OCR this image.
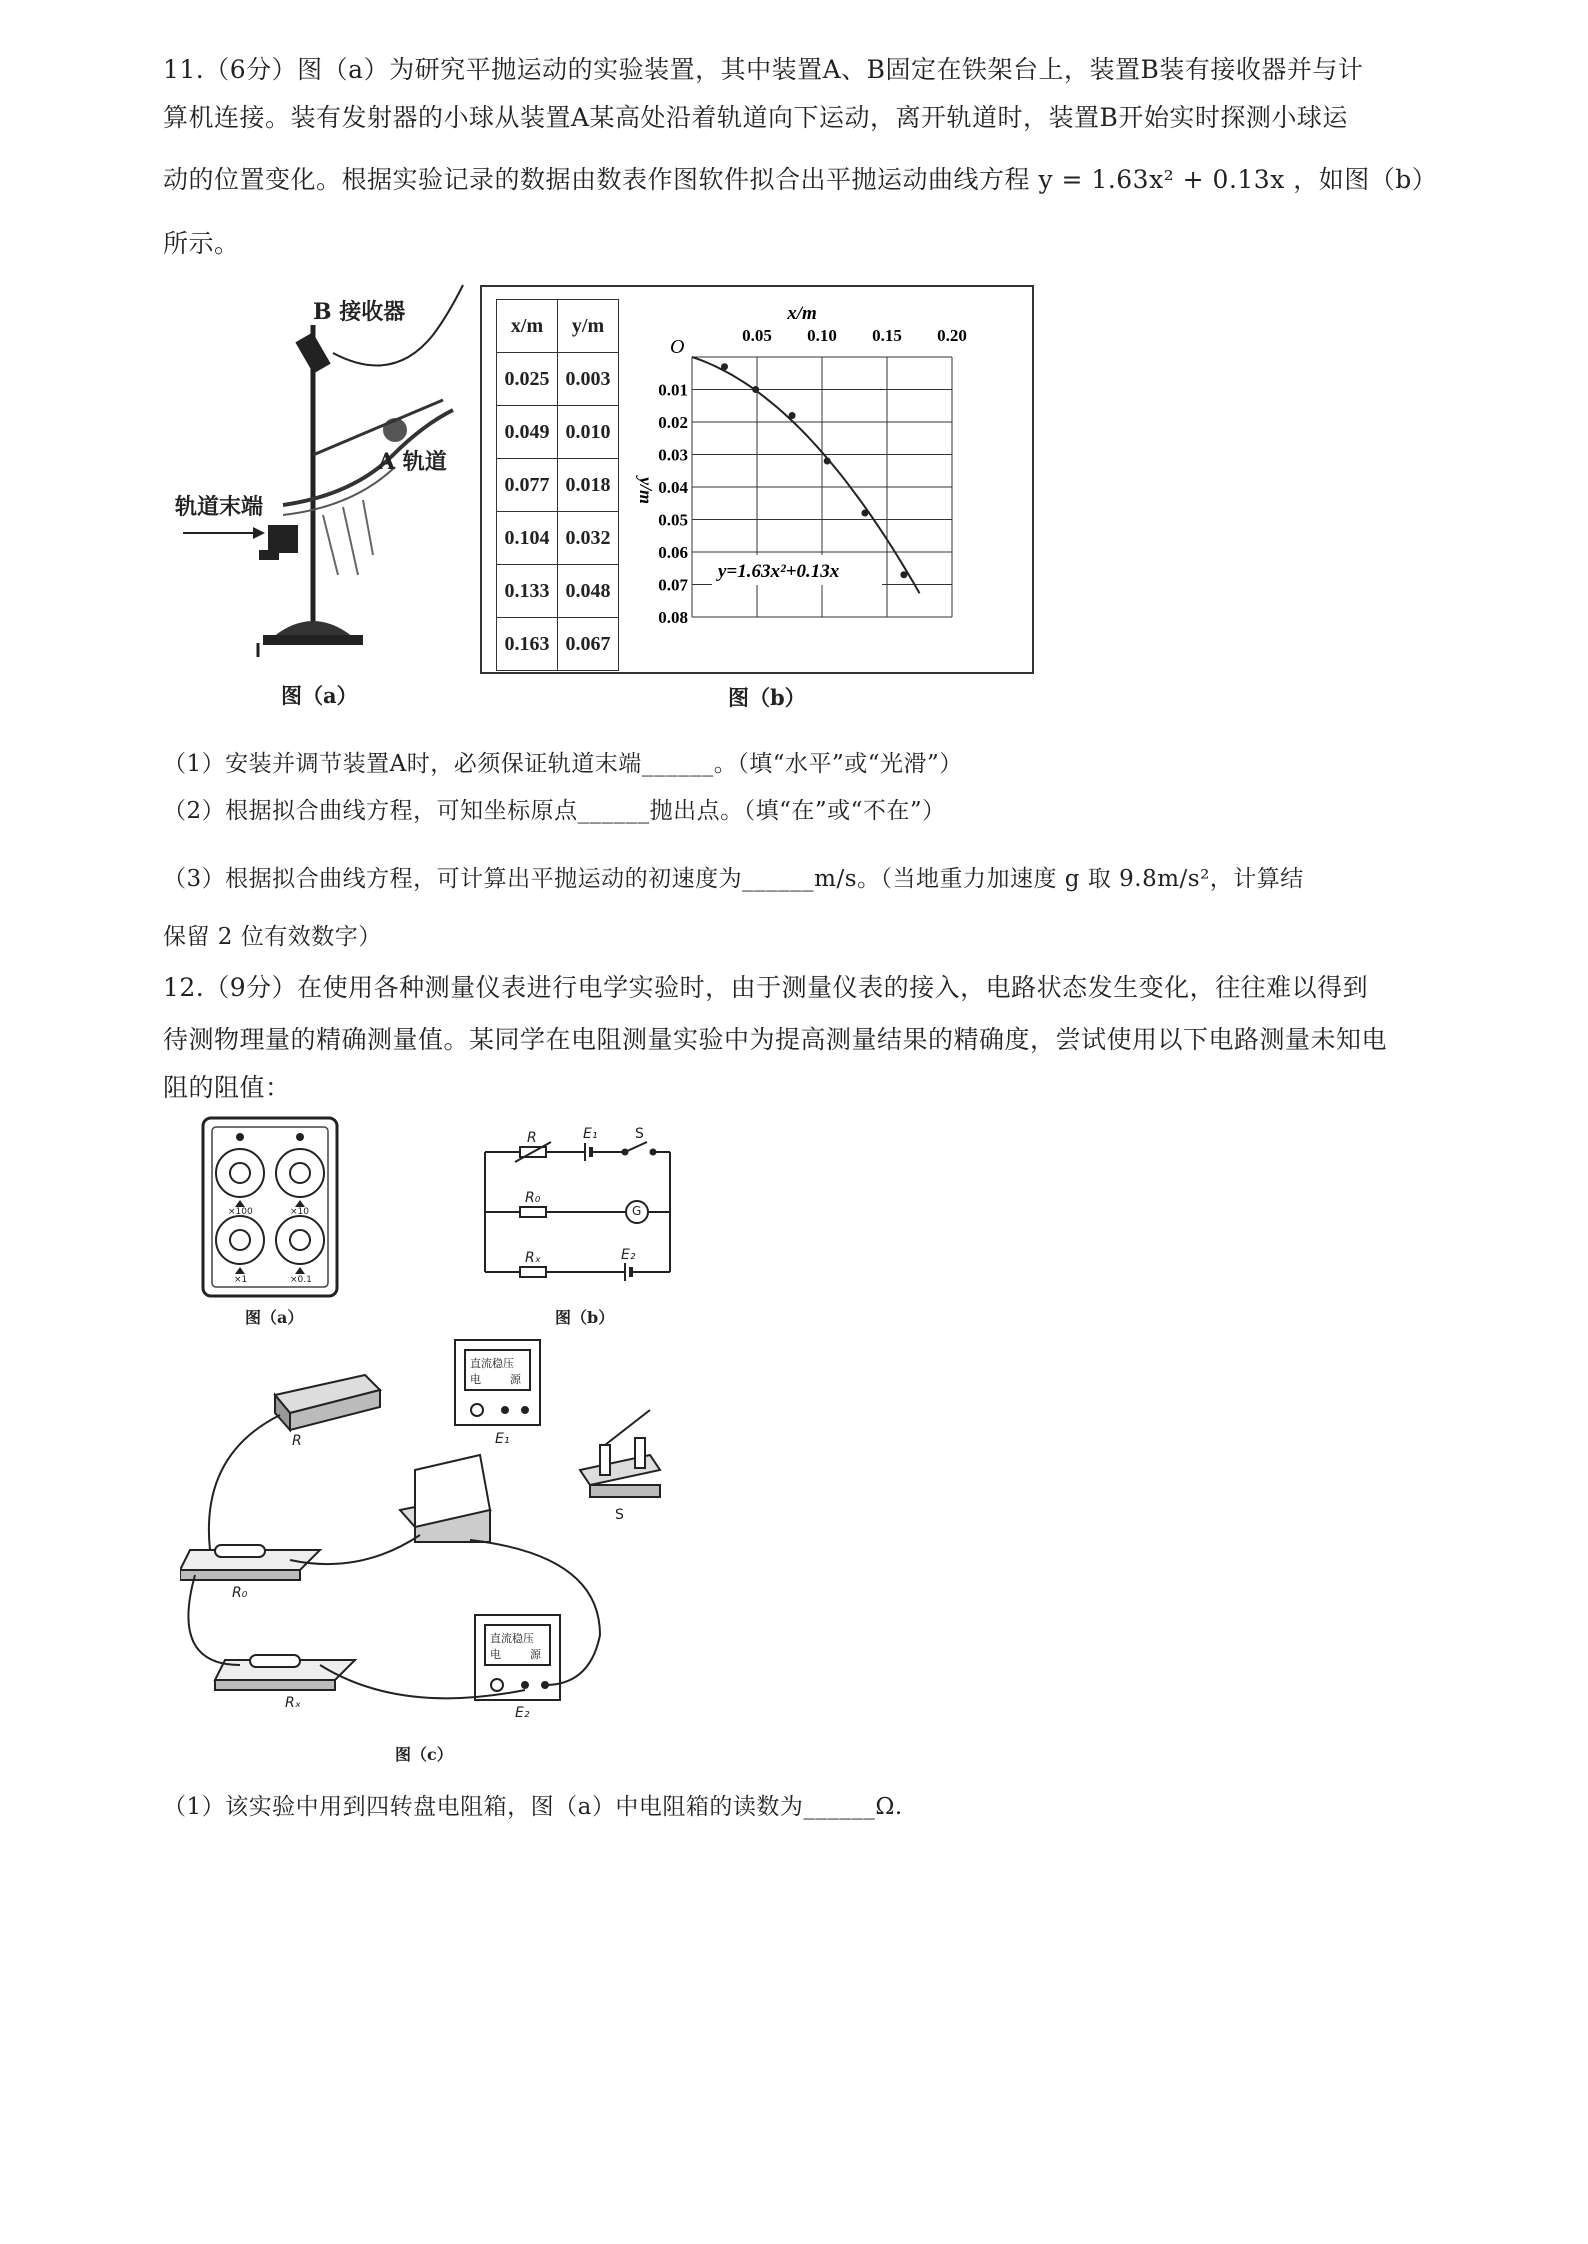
11.（6分）图（a）为研究平抛运动的实验装置，其中装置A、B固定在铁架台上，装置B装有接收器并与计
算机连接。装有发射器的小球从装置A某高处沿着轨道向下运动，离开轨道时，装置B开始实时探测小球运
动的位置变化。根据实验记录的数据由数表作图软件拟合出平抛运动曲线方程 y = 1.63x² + 0.13x ，如图（b）
所示。
B 接收器
A 轨道
轨道末端
图（a）
x/m	y/m
0.025	0.003
0.049	0.010
0.077	0.018
0.104	0.032
0.133	0.048
0.163	0.067
0.05 0.10 0.15 0.20
0.01
0.02
0.03
0.04
0.05
0.06
0.07
0.08
x/m
y/m
O
y=1.63x²+0.13x
图（b）
（1）安装并调节装置A时，必须保证轨道末端______。（填“水平”或“光滑”）
（2）根据拟合曲线方程，可知坐标原点______抛出点。（填“在”或“不在”）
（3）根据拟合曲线方程，可计算出平抛运动的初速度为______m/s。（当地重力加速度 g 取 9.8m/s²，计算结
保留 2 位有效数字）
12.（9分）在使用各种测量仪表进行电学实验时，由于测量仪表的接入，电路状态发生变化，往往难以得到
待测物理量的精确测量值。某同学在电阻测量实验中为提高测量结果的精确度，尝试使用以下电路测量未知电
阻的阻值：
×100	×10
×1	×0.1
图（a）
R	E₁	S
R₀
G
Rₓ	E₂
图（b）
直流稳压
电	源
直流稳压
电	源
R	E₁
S
R₀
Rₓ
E₂
图（c）
（1）该实验中用到四转盘电阻箱，图（a）中电阻箱的读数为______Ω.
